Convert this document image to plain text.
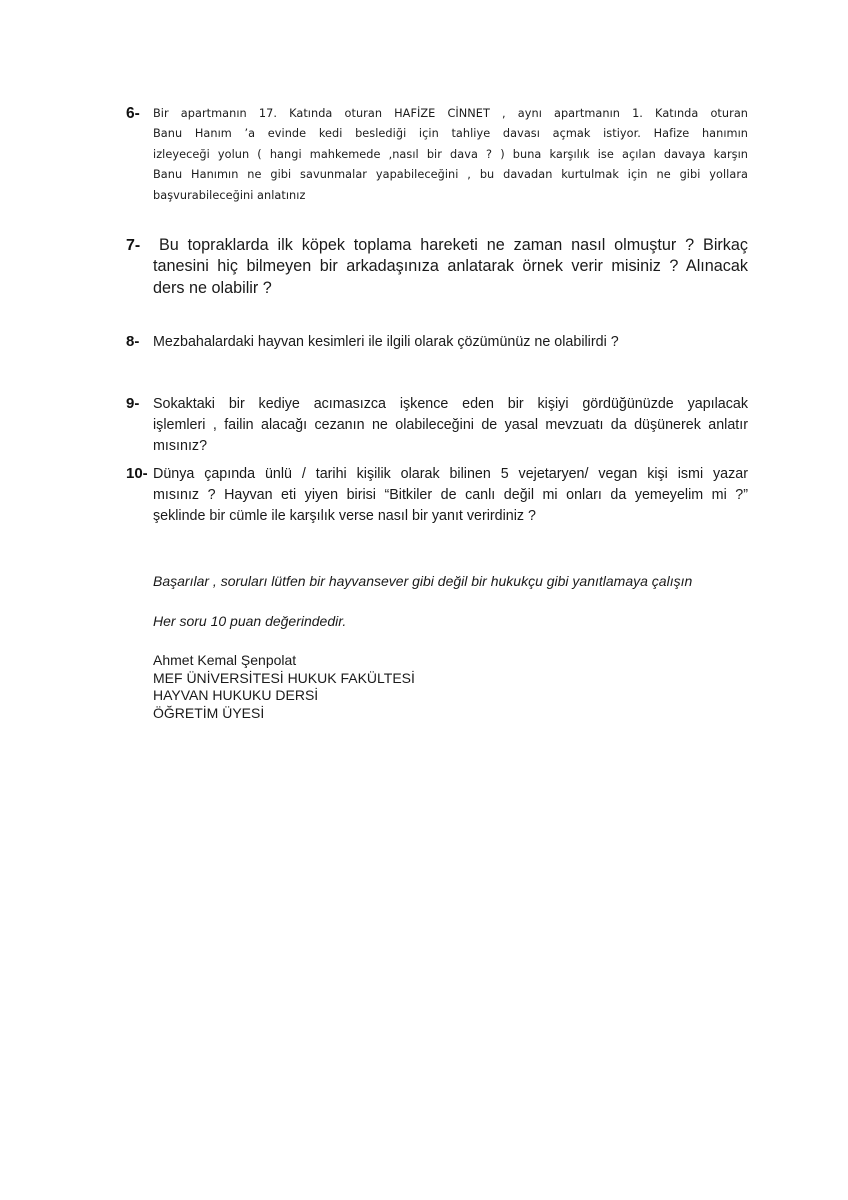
6- Bir apartmanın 17. Katında oturan HAFİZE CİNNET , aynı apartmanın 1. Katında oturan
Banu Hanım ’a evinde kedi beslediği için tahliye davası açmak istiyor. Hafize hanımın
izleyeceği yolun ( hangi mahkemede ,nasıl bir dava ? ) buna karşılık ise açılan davaya karşın
Banu Hanımın ne gibi savunmalar yapabileceğini , bu davadan kurtulmak için ne gibi yollara
başvurabileceğini anlatınız
7-	Bu topraklarda ilk köpek toplama hareketi ne zaman nasıl olmuştur ? Birkaç
tanesini hiç bilmeyen bir arkadaşınıza anlatarak örnek verir misiniz ? Alınacak
ders ne olabilir ?
8- Mezbahalardaki hayvan kesimleri ile ilgili olarak çözümünüz ne olabilirdi ?
9- Sokaktaki bir kediye acımasızca işkence eden bir kişiyi gördüğünüzde yapılacak
işlemleri , failin alacağı cezanın ne olabileceğini de yasal mevzuatı da düşünerek anlatır
mısınız?
10- Dünya çapında ünlü / tarihi kişilik olarak bilinen 5 vejetaryen/ vegan kişi ismi yazar
mısınız ? Hayvan eti yiyen birisi “Bitkiler de canlı değil mi onları da yemeyelim mi ?”
şeklinde bir cümle ile karşılık verse nasıl bir yanıt verirdiniz ?
Başarılar , soruları lütfen bir hayvansever gibi değil bir hukukçu gibi yanıtlamaya çalışın
Her soru 10 puan değerindedir.
Ahmet Kemal Şenpolat
MEF ÜNİVERSİTESİ HUKUK FAKÜLTESİ
HAYVAN HUKUKU DERSİ
ÖĞRETİM ÜYESİ
